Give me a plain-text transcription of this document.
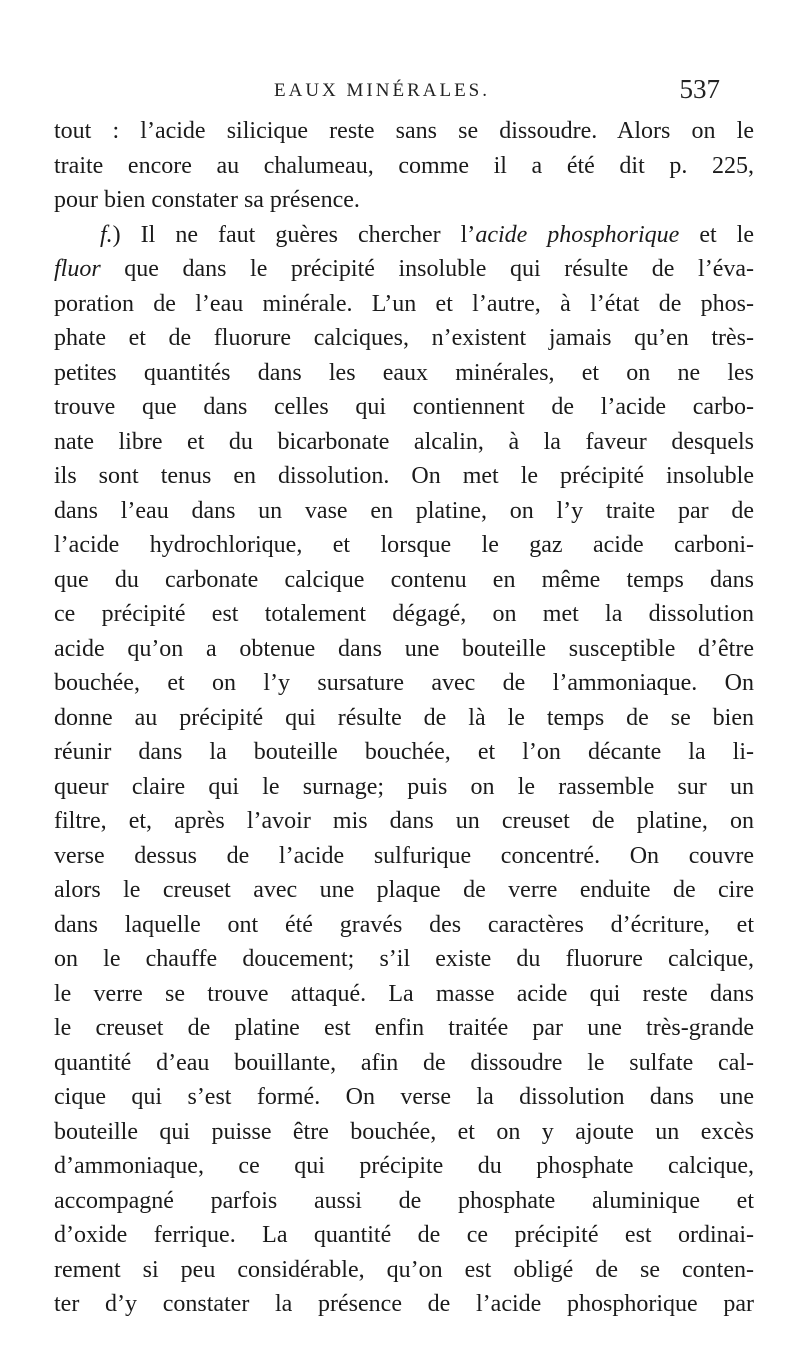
EAUX MINÉRALES.	537
tout : l’acide silicique reste sans se dissoudre. Alors on le
traite encore au chalumeau, comme il a été dit p. 225,
pour bien constater sa présence.
f.) Il ne faut guères chercher l’acide phosphorique et le
fluor que dans le précipité insoluble qui résulte de l’éva-
poration de l’eau minérale. L’un et l’autre, à l’état de phos-
phate et de fluorure calciques, n’existent jamais qu’en très-
petites quantités dans les eaux minérales, et on ne les
trouve que dans celles qui contiennent de l’acide carbo-
nate libre et du bicarbonate alcalin, à la faveur desquels
ils sont tenus en dissolution. On met le précipité insoluble
dans l’eau dans un vase en platine, on l’y traite par de
l’acide hydrochlorique, et lorsque le gaz acide carboni-
que du carbonate calcique contenu en même temps dans
ce précipité est totalement dégagé, on met la dissolution
acide qu’on a obtenue dans une bouteille susceptible d’être
bouchée, et on l’y sursature avec de l’ammoniaque. On
donne au précipité qui résulte de là le temps de se bien
réunir dans la bouteille bouchée, et l’on décante la li-
queur claire qui le surnage; puis on le rassemble sur un
filtre, et, après l’avoir mis dans un creuset de platine, on
verse dessus de l’acide sulfurique concentré. On couvre
alors le creuset avec une plaque de verre enduite de cire
dans laquelle ont été gravés des caractères d’écriture, et
on le chauffe doucement; s’il existe du fluorure calcique,
le verre se trouve attaqué. La masse acide qui reste dans
le creuset de platine est enfin traitée par une très-grande
quantité d’eau bouillante, afin de dissoudre le sulfate cal-
cique qui s’est formé. On verse la dissolution dans une
bouteille qui puisse être bouchée, et on y ajoute un excès
d’ammoniaque, ce qui précipite du phosphate calcique,
accompagné parfois aussi de phosphate aluminique et
d’oxide ferrique. La quantité de ce précipité est ordinai-
rement si peu considérable, qu’on est obligé de se conten-
ter d’y constater la présence de l’acide phosphorique par
